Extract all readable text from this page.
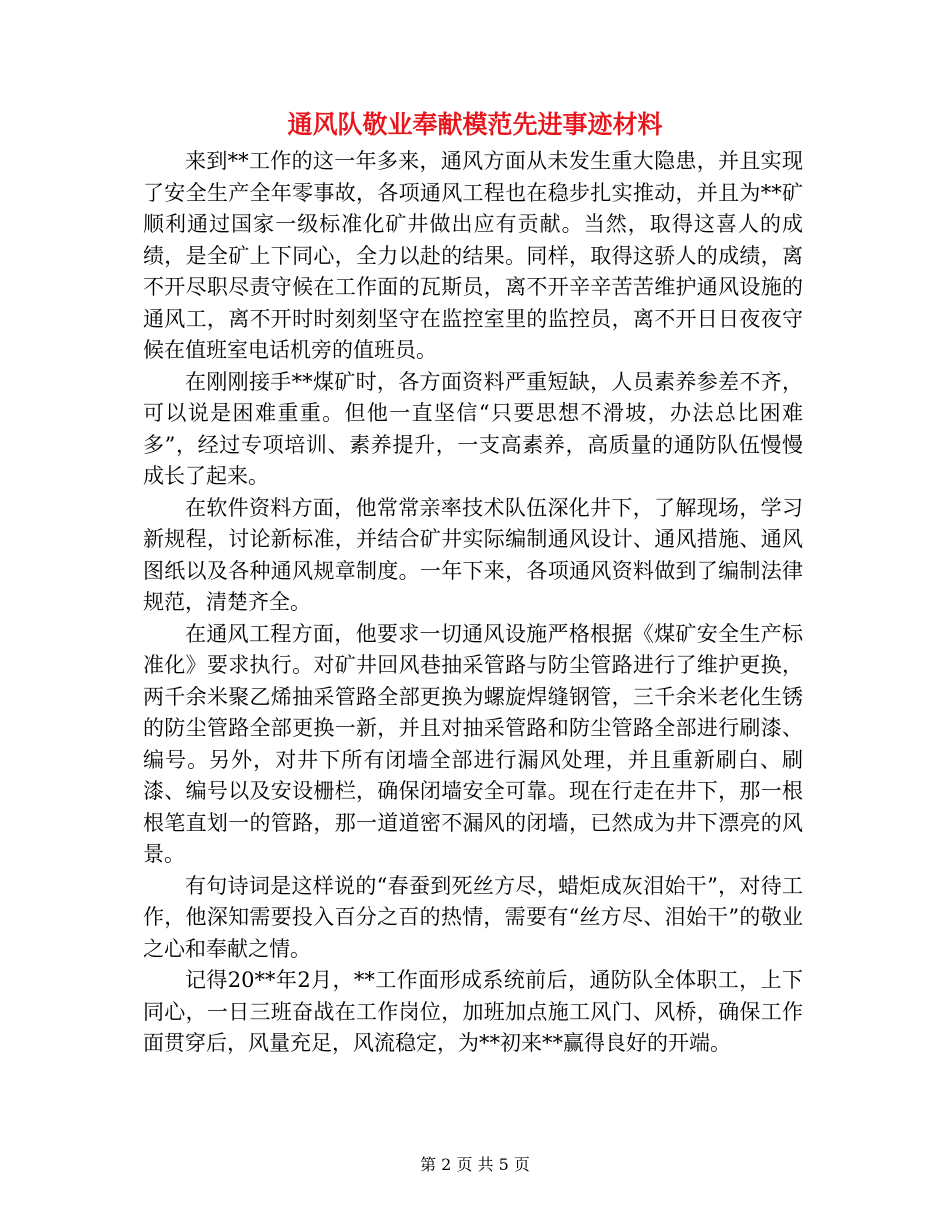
通风队敬业奉献模范先进事迹材料

来到**工作的这一年多来，通风方面从未发生重大隐患，并且实现了安全生产全年零事故，各项通风工程也在稳步扎实推动，并且为**矿顺利通过国家一级标准化矿井做出应有贡献。当然，取得这喜人的成绩，是全矿上下同心，全力以赴的结果。同样，取得这骄人的成绩，离不开尽职尽责守候在工作面的瓦斯员，离不开辛辛苦苦维护通风设施的通风工，离不开时时刻刻坚守在监控室里的监控员，离不开日日夜夜守候在值班室电话机旁的值班员。

在刚刚接手**煤矿时，各方面资料严重短缺，人员素养参差不齐，可以说是困难重重。但他一直坚信“只要思想不滑坡，办法总比困难多”，经过专项培训、素养提升，一支高素养，高质量的通防队伍慢慢成长了起来。

在软件资料方面，他常常亲率技术队伍深化井下，了解现场，学习新规程，讨论新标准，并结合矿井实际编制通风设计、通风措施、通风图纸以及各种通风规章制度。一年下来，各项通风资料做到了编制法律规范，清楚齐全。

在通风工程方面，他要求一切通风设施严格根据《煤矿安全生产标准化》要求执行。对矿井回风巷抽采管路与防尘管路进行了维护更换，两千余米聚乙烯抽采管路全部更换为螺旋焊缝钢管，三千余米老化生锈的防尘管路全部更换一新，并且对抽采管路和防尘管路全部进行刷漆、编号。另外，对井下所有闭墙全部进行漏风处理，并且重新刷白、刷漆、编号以及安设栅栏，确保闭墙安全可靠。现在行走在井下，那一根根笔直划一的管路，那一道道密不漏风的闭墙，已然成为井下漂亮的风景。

有句诗词是这样说的“春蚕到死丝方尽，蜡炬成灰泪始干”，对待工作，他深知需要投入百分之百的热情，需要有“丝方尽、泪始干”的敬业之心和奉献之情。

记得20**年2月，**工作面形成系统前后，通防队全体职工，上下同心，一日三班奋战在工作岗位，加班加点施工风门、风桥，确保工作面贯穿后，风量充足，风流稳定，为**初来**赢得良好的开端。

第 2 页 共 5 页
